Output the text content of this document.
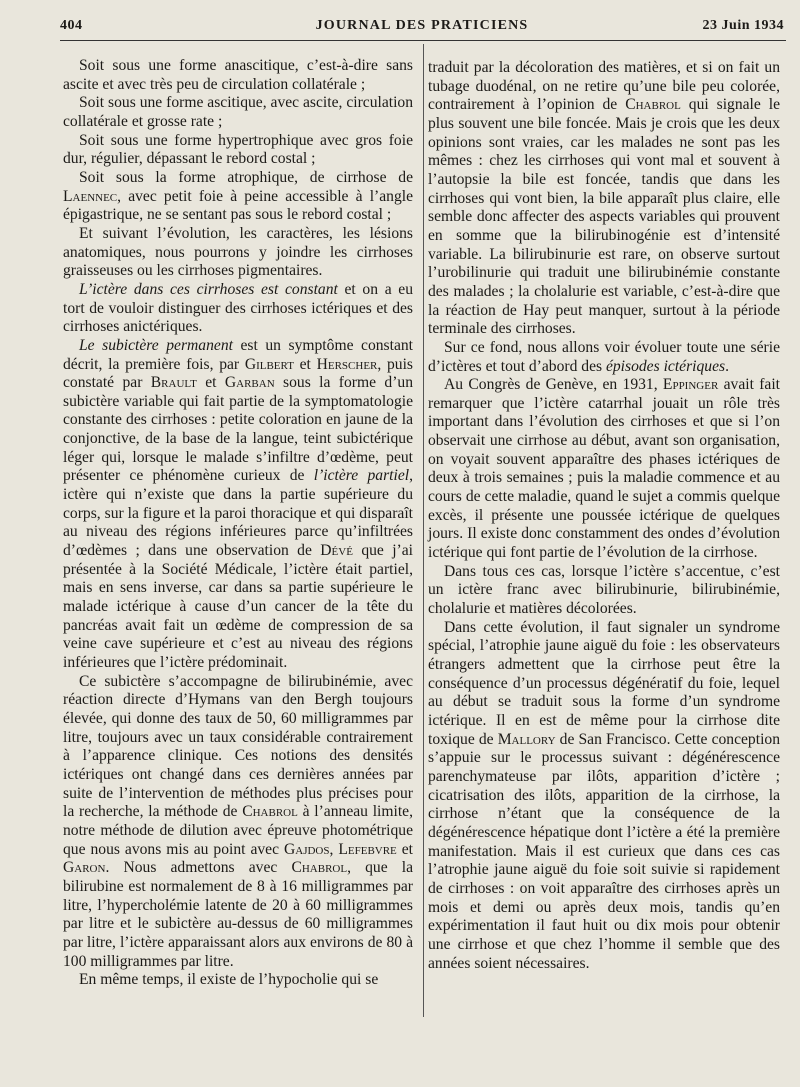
404	JOURNAL DES PRATICIENS	23 Juin 1934

Soit sous une forme anascitique, c’est-à-dire sans ascite et avec très peu de circulation collatérale ;

Soit sous une forme ascitique, avec ascite, circulation collatérale et grosse rate ;

Soit sous une forme hypertrophique avec gros foie dur, régulier, dépassant le rebord costal ;

Soit sous la forme atrophique, de cirrhose de Laennec, avec petit foie à peine accessible à l’angle épigastrique, ne se sentant pas sous le rebord costal ;

Et suivant l’évolution, les caractères, les lésions anatomiques, nous pourrons y joindre les cirrhoses graisseuses ou les cirrhoses pigmentaires.

L’ictère dans ces cirrhoses est constant et on a eu tort de vouloir distinguer des cirrhoses ictériques et des cirrhoses anictériques.

Le subictère permanent est un symptôme constant décrit, la première fois, par Gilbert et Herscher, puis constaté par Brault et Garban sous la forme d’un subictère variable qui fait partie de la symptomatologie constante des cirrhoses : petite coloration en jaune de la conjonctive, de la base de la langue, teint subictérique léger qui, lorsque le malade s’infiltre d’œdème, peut présenter ce phénomène curieux de l’ictère partiel, ictère qui n’existe que dans la partie supérieure du corps, sur la figure et la paroi thoracique et qui disparaît au niveau des régions inférieures parce qu’infiltrées d’œdèmes ; dans une observation de Dévé que j’ai présentée à la Société Médicale, l’ictère était partiel, mais en sens inverse, car dans sa partie supérieure le malade ictérique à cause d’un cancer de la tête du pancréas avait fait un œdème de compression de sa veine cave supérieure et c’est au niveau des régions inférieures que l’ictère prédominait.

Ce subictère s’accompagne de bilirubinémie, avec réaction directe d’Hymans van den Bergh toujours élevée, qui donne des taux de 50, 60 milligrammes par litre, toujours avec un taux considérable contrairement à l’apparence clinique. Ces notions des densités ictériques ont changé dans ces dernières années par suite de l’intervention de méthodes plus précises pour la recherche, la méthode de Chabrol à l’anneau limite, notre méthode de dilution avec épreuve photométrique que nous avons mis au point avec Gajdos, Lefebvre et Garon. Nous admettons avec Chabrol, que la bilirubine est normalement de 8 à 16 milligrammes par litre, l’hypercholémie latente de 20 à 60 milligrammes par litre et le subictère au-dessus de 60 milligrammes par litre, l’ictère apparaissant alors aux environs de 80 à 100 milligrammes par litre.

En même temps, il existe de l’hypocholie qui se

traduit par la décoloration des matières, et si on fait un tubage duodénal, on ne retire qu’une bile peu colorée, contrairement à l’opinion de Chabrol qui signale le plus souvent une bile foncée. Mais je crois que les deux opinions sont vraies, car les malades ne sont pas les mêmes : chez les cirrhoses qui vont mal et souvent à l’autopsie la bile est foncée, tandis que dans les cirrhoses qui vont bien, la bile apparaît plus claire, elle semble donc affecter des aspects variables qui prouvent en somme que la bilirubinogénie est d’intensité variable. La bilirubinurie est rare, on observe surtout l’urobilinurie qui traduit une bilirubinémie constante des malades ; la cholalurie est variable, c’est-à-dire que la réaction de Hay peut manquer, surtout à la période terminale des cirrhoses.

Sur ce fond, nous allons voir évoluer toute une série d’ictères et tout d’abord des épisodes ictériques.

Au Congrès de Genève, en 1931, Eppinger avait fait remarquer que l’ictère catarrhal jouait un rôle très important dans l’évolution des cirrhoses et que si l’on observait une cirrhose au début, avant son organisation, on voyait souvent apparaître des phases ictériques de deux à trois semaines ; puis la maladie commence et au cours de cette maladie, quand le sujet a commis quelque excès, il présente une poussée ictérique de quelques jours. Il existe donc constamment des ondes d’évolution ictérique qui font partie de l’évolution de la cirrhose.

Dans tous ces cas, lorsque l’ictère s’accentue, c’est un ictère franc avec bilirubinurie, bilirubinémie, cholalurie et matières décolorées.

Dans cette évolution, il faut signaler un syndrome spécial, l’atrophie jaune aiguë du foie : les observateurs étrangers admettent que la cirrhose peut être la conséquence d’un processus dégénératif du foie, lequel au début se traduit sous la forme d’un syndrome ictérique. Il en est de même pour la cirrhose dite toxique de Mallory de San Francisco. Cette conception s’appuie sur le processus suivant : dégénérescence parenchymateuse par ilôts, apparition d’ictère ; cicatrisation des ilôts, apparition de la cirrhose, la cirrhose n’étant que la conséquence de la dégénérescence hépatique dont l’ictère a été la première manifestation. Mais il est curieux que dans ces cas l’atrophie jaune aiguë du foie soit suivie si rapidement de cirrhoses : on voit apparaître des cirrhoses après un mois et demi ou après deux mois, tandis qu’en expérimentation il faut huit ou dix mois pour obtenir une cirrhose et que chez l’homme il semble que des années soient nécessaires.
